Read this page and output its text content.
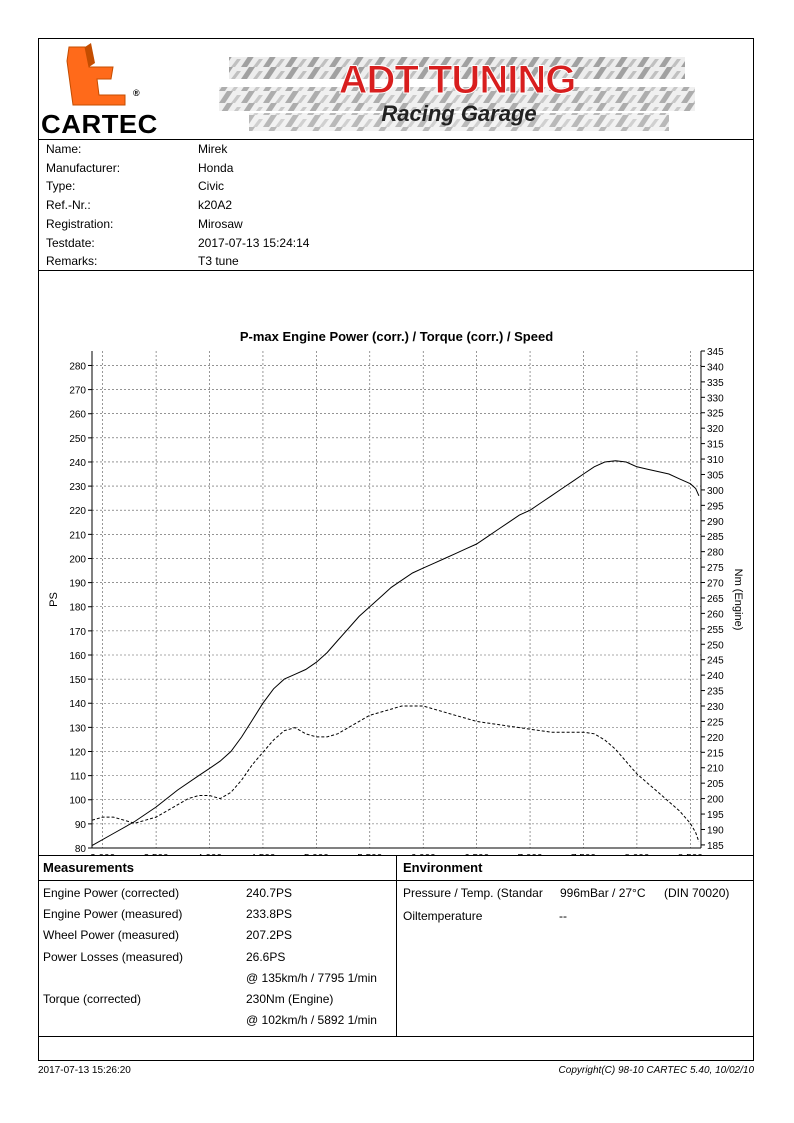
®
CARTEC
ADT TUNING
Racing Garage
Name:	Mirek
Manufacturer:	Honda
Type:	Civic
Ref.-Nr.:	k20A2
Registration:	Mirosaw
Testdate:	2017-07-13 15:24:14
Remarks:	T3 tune
P-max Engine Power (corr.) / Torque (corr.) / Speed
80
90
100
110
120
130
140
150
160
170
180
190
200
210
220
230
240
250
260
270
280
185
190
195
200
205
210
215
220
225
230
235
240
245
250
255
260
265
270
275
280
285
290
295
300
305
310
315
320
325
330
335
340
345
PS	Nm (Engine)
Measurements	Environment
Engine Power (corrected)	240.7PS
Engine Power (measured)	233.8PS
Wheel Power (measured)	207.2PS
Power Losses (measured)	26.6PS
@ 135km/h / 7795 1/min
Torque (corrected)	230Nm (Engine)
@ 102km/h / 5892 1/min
Pressure / Temp. (Standar 996mBar / 27°C (DIN 70020)
Oiltemperature	--
2017-07-13 15:26:20	Copyright(C) 98-10 CARTEC 5.40, 10/02/10
